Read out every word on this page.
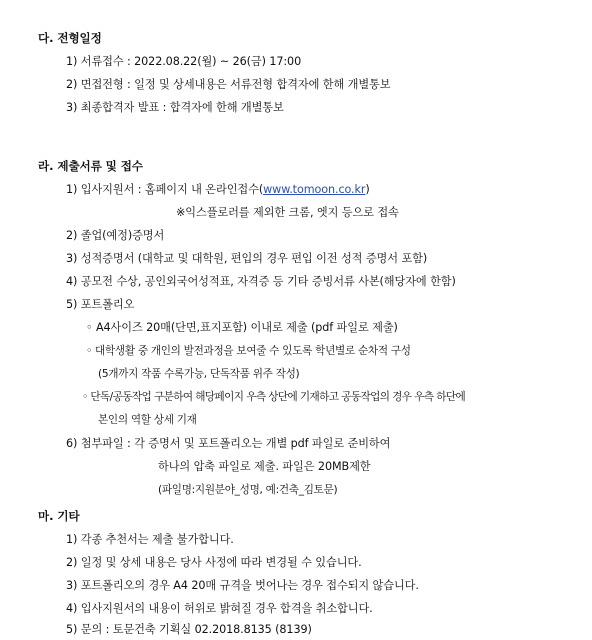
다. 전형일정
1) 서류접수 : 2022.08.22(월) ~ 26(금) 17:00
2) 면접전형 : 일정 및 상세내용은 서류전형 합격자에 한해 개별통보
3) 최종합격자 발표 : 합격자에 한해 개별통보
라. 제출서류 및 접수
1) 입사지원서 : 홈페이지 내 온라인접수(www.tomoon.co.kr)
※익스플로러를 제외한 크롬, 엣지 등으로 접속
2) 졸업(예정)증명서
3) 성적증명서 (대학교 및 대학원, 편입의 경우 편입 이전 성적 증명서 포함)
4) 공모전 수상, 공인외국어성적표, 자격증 등 기타 증빙서류 사본(해당자에 한함)
5) 포트폴리오
◦ A4사이즈 20매(단면,표지포함) 이내로 제출 (pdf 파일로 제출)
◦ 대학생활 중 개인의 발전과정을 보여줄 수 있도록 학년별로 순차적 구성
(5개까지 작품 수록가능, 단독작품 위주 작성)
◦ 단독/공동작업 구분하여 해당페이지 우측 상단에 기재하고 공동작업의 경우 우측 하단에
본인의 역할 상세 기재
6) 첨부파일 : 각 증명서 및 포트폴리오는 개별 pdf 파일로 준비하여
하나의 압축 파일로 제출. 파일은 20MB제한
(파일명:지원분야_성명, 예:건축_김토문)
마. 기타
1) 각종 추천서는 제출 불가합니다.
2) 일정 및 상세 내용은 당사 사정에 따라 변경될 수 있습니다.
3) 포트폴리오의 경우 A4 20매 규격을 벗어나는 경우 접수되지 않습니다.
4) 입사지원서의 내용이 허위로 밝혀질 경우 합격을 취소합니다.
5) 문의 : 토문건축 기획실 02.2018.8135 (8139)
